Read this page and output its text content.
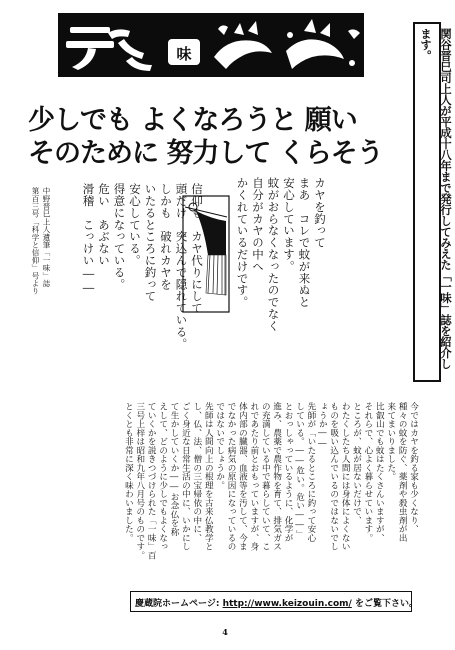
関谷晋巳司上人が平成十八年まで発行してみえた「一味」誌を紹介します。
味
少しでも よくなろうと 願い
そのために 努力して くらそう
カヤを釣って
まあ　コレで蚊が来ぬと
安心しています。
蚊がおらなくなったのでなく
自分がカヤの中へ
かくれているだけです。
信仰も　カヤ代りにして
頭だけ　突込んで隠れている。
しかも　破れカヤを
いたるところに釣って
安心している。
得意になっている。
危い　あぶない
滑稽　こっけい――
中野晋巳上人遺筆「一味」誌
第百三号「科学と信仰」号より
今ではカヤを釣る家も少くなり、
種々の蚊を防ぐ、薬剤や殺虫剤が出
来てまいりました。
比叡山でも蚊はたくさんいますが、
それらで、心よく暮らせています。
ところが、蚊が居ないだけで、
わたくしたち人間には身体によくない
ものを吸い込んでいるのではないでし
ょうか――
先師が「いたるところに釣って安心
している。――危い。危い――」
とおっしゃっているように、化学が
進み、農薬で農作物を育て、排気ガス
の充満している中で暮らしていて、こ
れであたり前とおもっていますが、身
体内部の臓器、血液等を汚して、今ま
でなかった病気の原因になっているの
ではないでしょうか。
先師は人間向上の根理を古来仏教学と
し、仏、法、僧の三宝帰依の中に、
ごく身近な日常生活の中に、いかにし
て生かしていくか――お念仏を称
えして、どのように少しでもよくなっ
ていくかを説きつづけられた「一味」百
三号上梓は昭和九年八月号のものです。
とくとも非常に深く味わいました。
慶蔵院ホームページ: http://www.keizouin.com/ をご覧下さい。
4
